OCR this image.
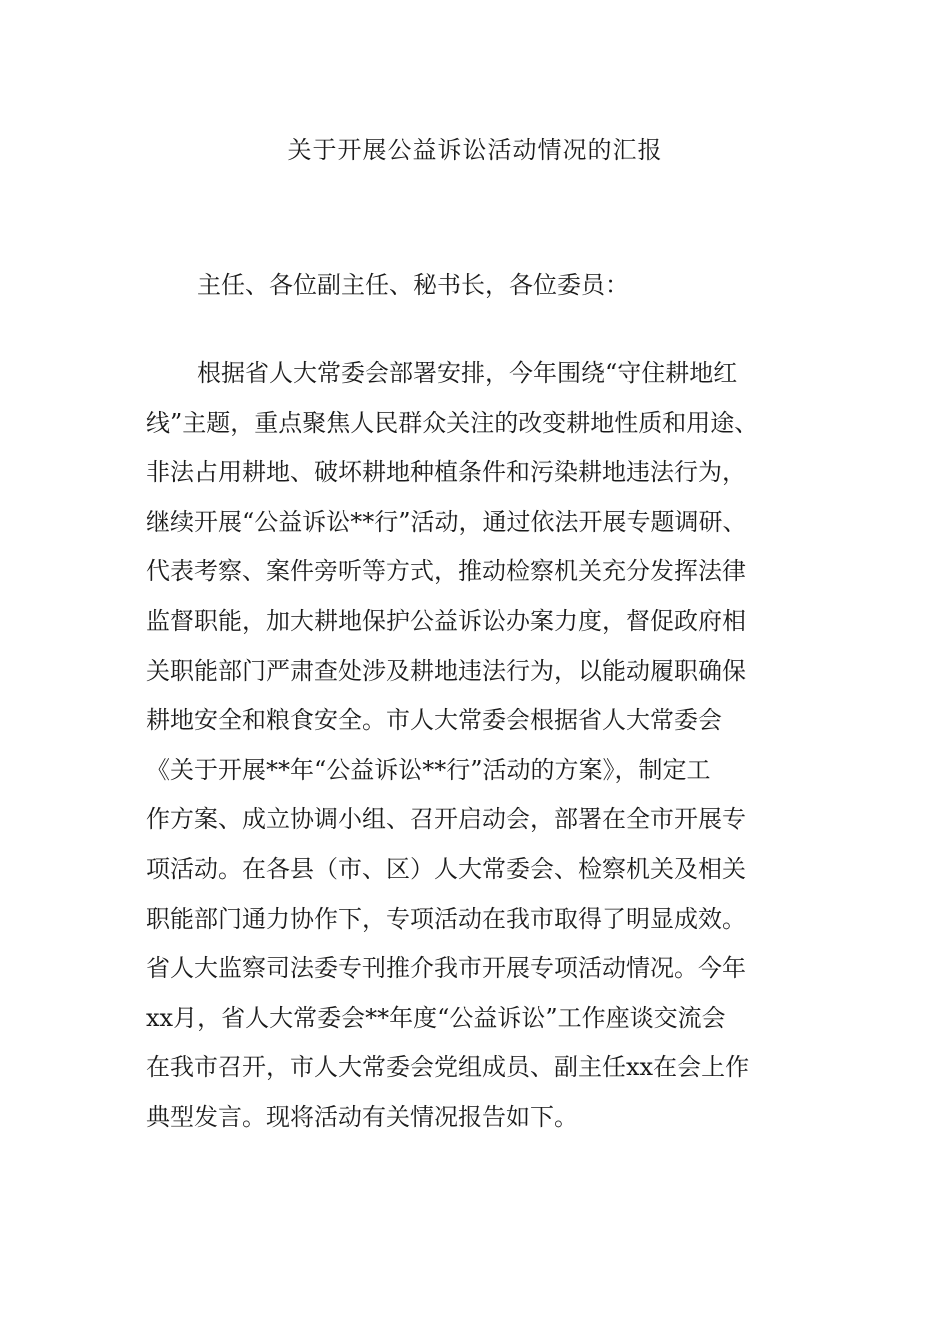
关于开展公益诉讼活动情况的汇报

主任、各位副主任、秘书长，各位委员：

根据省人大常委会部署安排，今年围绕“守住耕地红
线”主题，重点聚焦人民群众关注的改变耕地性质和用途、
非法占用耕地、破坏耕地种植条件和污染耕地违法行为，
继续开展“公益诉讼**行”活动，通过依法开展专题调研、
代表考察、案件旁听等方式，推动检察机关充分发挥法律
监督职能，加大耕地保护公益诉讼办案力度，督促政府相
关职能部门严肃查处涉及耕地违法行为，以能动履职确保
耕地安全和粮食安全。市人大常委会根据省人大常委会
《关于开展**年“公益诉讼**行”活动的方案》，制定工
作方案、成立协调小组、召开启动会，部署在全市开展专
项活动。在各县（市、区）人大常委会、检察机关及相关
职能部门通力协作下，专项活动在我市取得了明显成效。
省人大监察司法委专刊推介我市开展专项活动情况。今年
xx月，省人大常委会**年度“公益诉讼”工作座谈交流会
在我市召开，市人大常委会党组成员、副主任xx在会上作
典型发言。现将活动有关情况报告如下。
